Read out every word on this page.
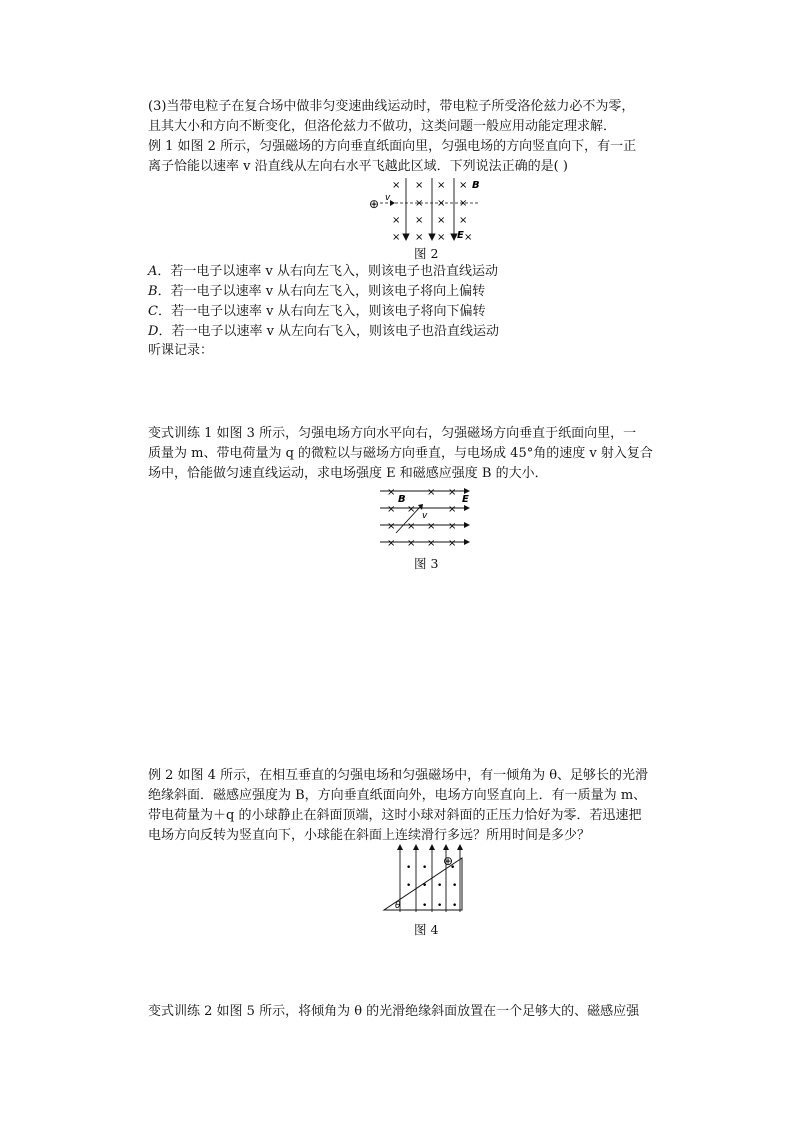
(3)当带电粒子在复合场中做非匀变速曲线运动时，带电粒子所受洛伦兹力必不为零，
且其大小和方向不断变化，但洛伦兹力不做功，这类问题一般应用动能定理求解．
例 1 如图 2 所示，匀强磁场的方向垂直纸面向里，匀强电场的方向竖直向下，有一正
离子恰能以速率 v 沿直线从左向右水平飞越此区域．下列说法正确的是( )
⊕ v
× × × ×
× × ×
× × × ×
× × × ×
B
E
图 2
A．若一电子以速率 v 从右向左飞入，则该电子也沿直线运动
B．若一电子以速率 v 从右向左飞入，则该电子将向上偏转
C．若一电子以速率 v 从右向左飞入，则该电子将向下偏转
D．若一电子以速率 v 从左向右飞入，则该电子也沿直线运动
听课记录：
变式训练 1 如图 3 所示，匀强电场方向水平向右，匀强磁场方向垂直于纸面向里，一
质量为 m、带电荷量为 q 的微粒以与磁场方向垂直，与电场成 45°角的速度 v 射入复合
场中，恰能做匀速直线运动，求电场强度 E 和磁感应强度 B 的大小．
×	× ×
× ×	×
× × × ×
× × × ×
v
B	E
图 3
例 2 如图 4 所示，在相互垂直的匀强电场和匀强磁场中，有一倾角为 θ、足够长的光滑
绝缘斜面．磁感应强度为 B，方向垂直纸面向外，电场方向竖直向上．有一质量为 m、
带电荷量为＋q 的小球静止在斜面顶端，这时小球对斜面的正压力恰好为零．若迅速把
电场方向反转为竖直向下，小球能在斜面上连续滑行多远？所用时间是多少？
• •	•
• • • •
• • •
⊕
θ
图 4
变式训练 2 如图 5 所示，将倾角为 θ 的光滑绝缘斜面放置在一个足够大的、磁感应强
